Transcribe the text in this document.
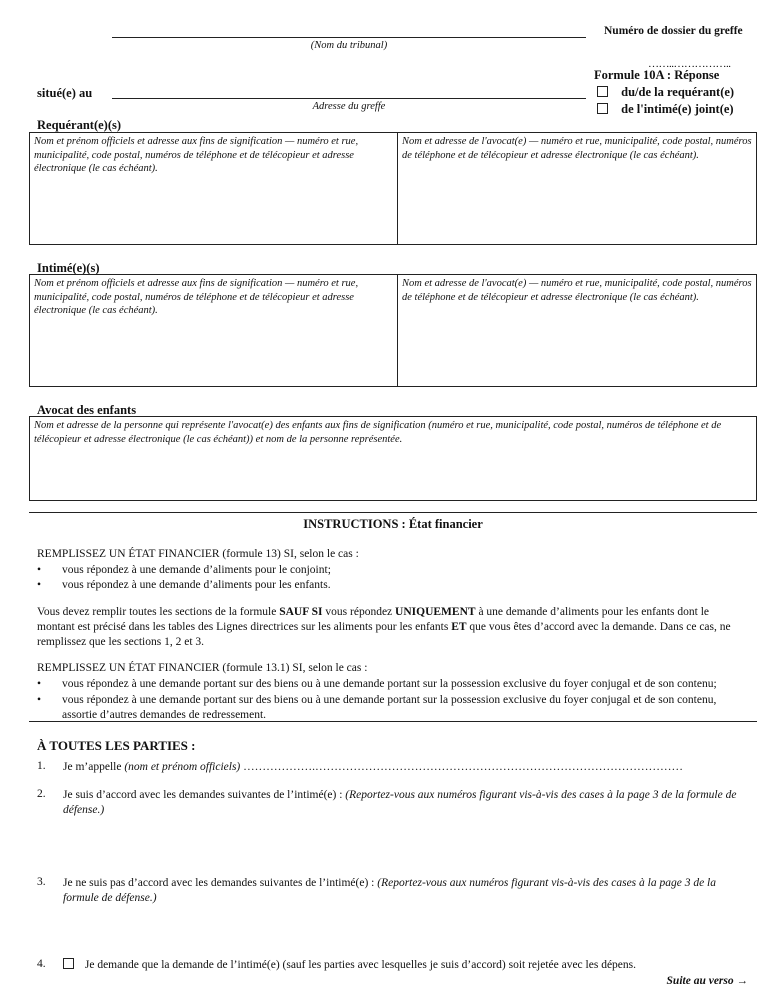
(Nom du tribunal)
Numéro de dossier du greffe
……..……………..
situé(e) au
Adresse du greffe
Formule 10A : Réponse
du/de la requérant(e)
de l'intimé(e) joint(e)
Requérant(e)(s)
Nom et prénom officiels et adresse aux fins de signification — numéro et rue, municipalité, code postal, numéros de téléphone et de télécopieur et adresse électronique (le cas échéant).
Nom et adresse de l'avocat(e) — numéro et rue, municipalité, code postal, numéros de téléphone et de télécopieur et adresse électronique (le cas échéant).
Intimé(e)(s)
Nom et prénom officiels et adresse aux fins de signification — numéro et rue, municipalité, code postal, numéros de téléphone et de télécopieur et adresse électronique (le cas échéant).
Nom et adresse de l'avocat(e) — numéro et rue, municipalité, code postal, numéros de téléphone et de télécopieur et adresse électronique (le cas échéant).
Avocat des enfants
Nom et adresse de la personne qui représente l'avocat(e) des enfants aux fins de signification (numéro et rue, municipalité, code postal, numéros de téléphone et de télécopieur et adresse électronique (le cas échéant)) et nom de la personne représentée.
INSTRUCTIONS : État financier
REMPLISSEZ UN ÉTAT FINANCIER (formule 13) SI, selon le cas :
• vous répondez à une demande d’aliments pour le conjoint;
• vous répondez à une demande d’aliments pour les enfants.
Vous devez remplir toutes les sections de la formule SAUF SI vous répondez UNIQUEMENT à une demande d’aliments pour les enfants dont le montant est précisé dans les tables des Lignes directrices sur les aliments pour les enfants ET que vous êtes d’accord avec la demande. Dans ce cas, ne remplissez que les sections 1, 2 et 3.
REMPLISSEZ UN ÉTAT FINANCIER (formule 13.1) SI, selon le cas :
• vous répondez à une demande portant sur des biens ou à une demande portant sur la possession exclusive du foyer conjugal et de son contenu;
• vous répondez à une demande portant sur des biens ou à une demande portant sur la possession exclusive du foyer conjugal et de son contenu, assortie d’autres demandes de redressement.
À TOUTES LES PARTIES :
1. Je m’appelle (nom et prénom officiels) ……………….……………………………………………………………………………………
2. Je suis d’accord avec les demandes suivantes de l’intimé(e) : (Reportez-vous aux numéros figurant vis-à-vis des cases à la page 3 de la formule de défense.)
3. Je ne suis pas d’accord avec les demandes suivantes de l’intimé(e) : (Reportez-vous aux numéros figurant vis-à-vis des cases à la page 3 de la formule de défense.)
4.	Je demande que la demande de l’intimé(e) (sauf les parties avec lesquelles je suis d’accord) soit rejetée avec les dépens.
Suite au verso →
